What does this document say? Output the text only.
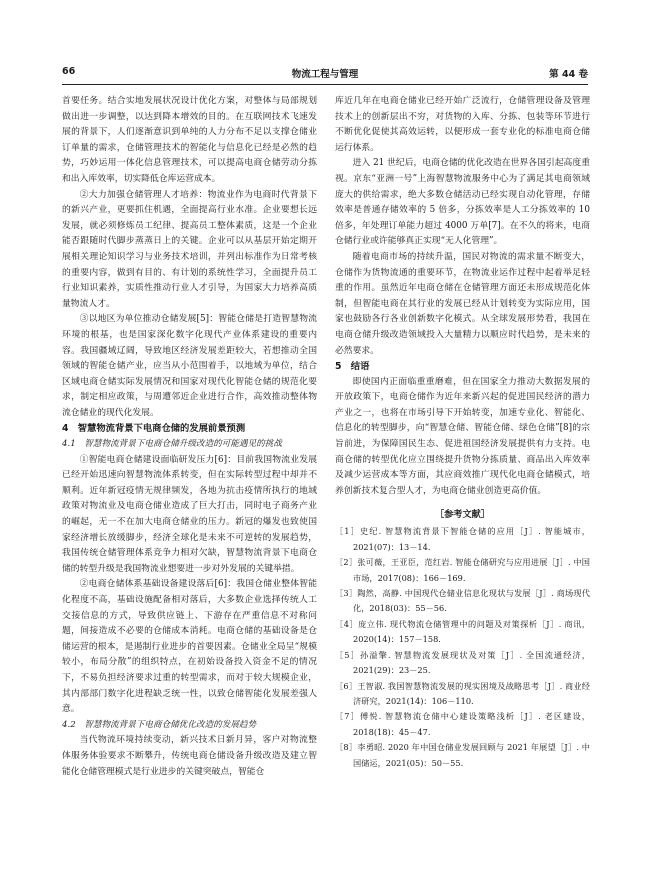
66	物流工程与管理	第 44 卷

首要任务。结合实地发展状况设计优化方案，对整体与局部规划做出进一步调整，以达到降本增效的目的。在互联网技术飞速发展的背景下，人们逐渐意识到单纯的人力分布不足以支撑仓储业订单量的需求，仓储管理技术的智能化与信息化已经是必然的趋势，巧妙运用一体化信息管理技术，可以提高电商仓储劳动分拣和出入库效率，切实降低仓库运营成本。

②大力加强仓储管理人才培养：物流业作为电商时代背景下的新兴产业，更要抓住机遇，全面提高行业水准。企业要想长远发展，就必须修炼员工纪律、提高员工整体素质，这是一个企业能否跟随时代脚步蒸蒸日上的关键。企业可以从基层开始定期开展相关理论知识学习与业务技术培训，并列出标准作为日常考核的重要内容，做到有目的、有计划的系统性学习，全面提升员工行业知识素养，实质性推动行业人才引导，为国家大力培养高质量物流人才。

③以地区为单位推动仓储发展[5]：智能仓储是打造智慧物流环境的根基，也是国家深化数字化现代产业体系建设的重要内容。我国疆域辽阔，导致地区经济发展差距较大，若想推动全国领域的智能仓储产业，应当从小范围着手，以地域为单位，结合区域电商仓储实际发展情况和国家对现代化智能仓储的规范化要求，制定相应政策，与周遭邻近企业进行合作，高效推动整体物流仓储业的现代化发展。

4　智慧物流背景下电商仓储的发展前景预测
4.1　智慧物流背景下电商仓储升级改造的可能遇见的挑战

①智能电商仓储建设面临研发压力[6]：目前我国物流业发展已经开始迅速向智慧物流体系转变，但在实际转型过程中却并不顺利。近年新冠疫情无规律频发，各地为抗击疫情所执行的地域政策对物流业及电商仓储业造成了巨大打击，同时电子商务产业的崛起，无一不在加大电商仓储业的压力。新冠的爆发也致使国家经济增长放缓脚步，经济全球化是未来不可逆转的发展趋势，我国传统仓储管理体系竞争力相对欠缺，智慧物流背景下电商仓储的转型升级是我国物流业想要进一步对外发展的关键举措。

②电商仓储体系基础设备建设落后[6]：我国仓储业整体智能化程度不高，基础设施配备相对落后，大多数企业选择传统人工交接信息的方式，导致供应链上、下游存在严重信息不对称问题，间接造成不必要的仓储成本消耗。电商仓储的基础设备是仓储运营的根本，是遏制行业进步的首要因素。仓储业全局呈“规模较小，布局分散”的组织特点，在初始设备投入资金不足的情况下，不易负担经济要求过重的转型需求，而对于较大规模企业，其内部部门数字化进程缺乏统一性，以致仓储智能化发展差强人意。

4.2　智慧物流背景下电商仓储优化改造的发展趋势

当代物流环境持续变动，新兴技术日新月异，客户对物流整体服务体验要求不断攀升，传统电商仓储设备升级改造及建立智能化仓储管理模式是行业进步的关键突破点，智能仓

库近几年在电商仓储业已经开始广泛流行，仓储管理设备及管理技术上的创新层出不穷，对货物的入库、分拣、包装等环节进行不断优化促使其高效运转，以便形成一套专业化的标准电商仓储运行体系。

进入 21 世纪后，电商仓储的优化改造在世界各国引起高度重视。京东“亚洲一号”上海智慧物流服务中心为了满足其电商领域庞大的供给需求，绝大多数仓储活动已经实现自动化管理，存储效率是普通存储效率的 5 倍多，分拣效率是人工分拣效率的 10 倍多，年处理订单能力超过 4000 万单[7]。在不久的将来，电商仓储行业或许能够真正实现“无人化管理”。

随着电商市场的持续升温，国民对物流的需求量不断变大，仓储作为货物流通的重要环节，在物流业运作过程中起着举足轻重的作用。虽然近年电商仓储在仓储管理方面还未形成规范化体制，但智能电商在其行业的发展已经从计划转变为实际应用，国家也鼓励各行各业创新数字化模式。从全球发展形势看，我国在电商仓储升级改造领域投入大量精力以顺应时代趋势，是未来的必然要求。

5　结语

即使国内正面临重重磨难，但在国家全力推动大数据发展的开放政策下，电商仓储作为近年来新兴起的促进国民经济的潜力产业之一，也将在市场引导下开始转变，加速专业化、智能化、信息化的转型脚步，向“智慧仓储、智能仓储、绿色仓储”[8]的宗旨前进，为保障国民生态、促进祖国经济发展提供有力支持。电商仓储的转型优化应立围绕提升货物分拣质量、商品出入库效率及减少运营成本等方面，其应商效推广现代化电商仓储模式，培养创新技术复合型人才，为电商仓储业创造更高价值。

［参考文献］
［1］史纪. 智慧物流背景下智能仓储的应用［J］. 智能城市，2021(07)：13－14.
［2］张可薇，王亚臣，范红岩. 智能仓储研究与应用进展［J］. 中国市场，2017(08)：166－169.
［3］陶然，高静. 中国现代仓储业信息化现状与发展［J］. 商场现代化，2018(03)：55－56.
［4］庞立伟. 现代物流仓储管理中的问题及对策探析［J］. 商讯，2020(14)：157－158.
［5］孙溢擎. 智慧物流发展现状及对策［J］. 全国流通经济，2021(29)：23－25.
［6］王智淑. 我国智慧物流发展的现实困境及战略思考［J］. 商业经济研究，2021(14)：106－110.
［7］傅悦. 智慧物流仓储中心建设策略浅析［J］. 老区建设，2018(18)：45－47.
［8］李勇昭. 2020 年中国仓储业发展回顾与 2021 年展望［J］. 中国储运，2021(05)：50－55.
